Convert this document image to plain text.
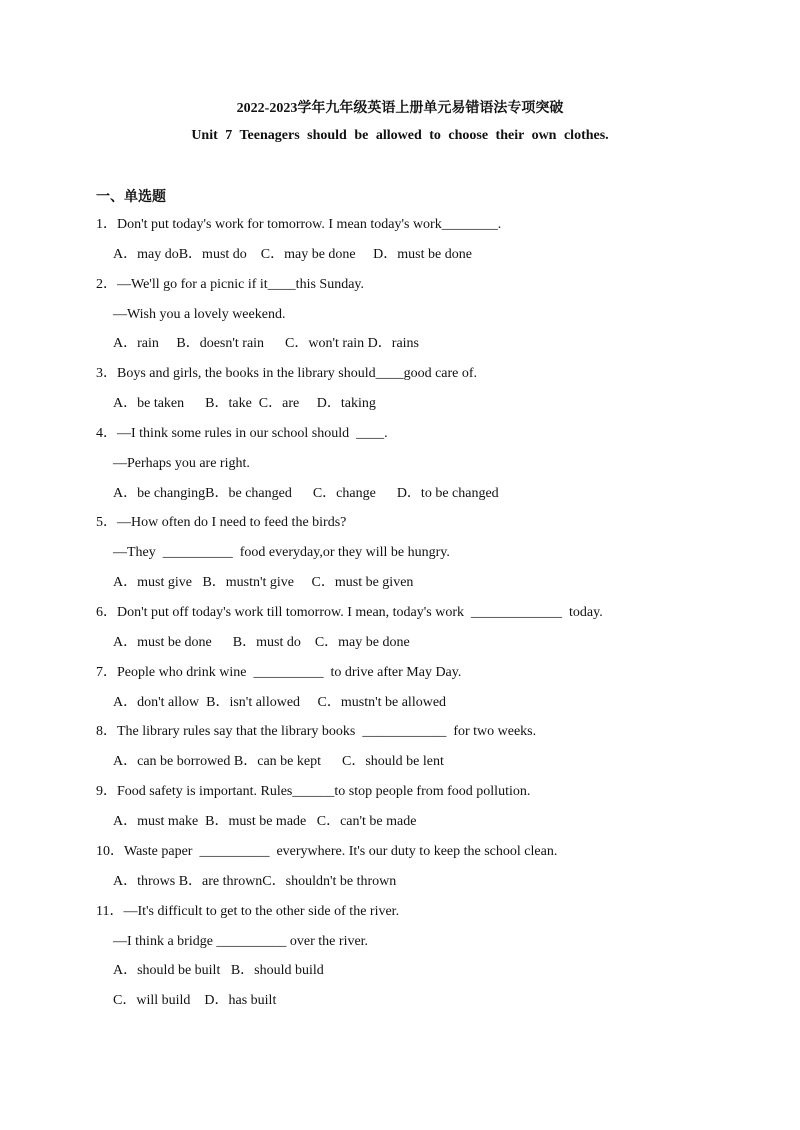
2022-2023学年九年级英语上册单元易错语法专项突破
Unit 7 Teenagers should be allowed to choose their own clothes.
一、单选题
1．Don't put today's work for tomorrow. I mean today's work________.
A．may doB．must do    C．may be done     D．must be done
2．—We'll go for a picnic if it____this Sunday.
—Wish you a lovely weekend.
A．rain     B．doesn't rain      C．won't rain D．rains
3．Boys and girls, the books in the library should____good care of.
A．be taken      B．take  C．are     D．taking
4．—I think some rules in our school should  ____.
—Perhaps you are right.
A．be changingB．be changed      C．change      D．to be changed
5．—How often do I need to feed the birds?
—They  __________  food everyday,or they will be hungry.
A．must give   B．mustn't give     C．must be given
6．Don't put off today's work till tomorrow. I mean, today's work  _____________  today.
A．must be done      B．must do    C．may be done
7．People who drink wine  __________  to drive after May Day.
A．don't allow  B．isn't allowed     C．mustn't be allowed
8．The library rules say that the library books  ____________  for two weeks.
A．can be borrowed B．can be kept      C．should be lent
9．Food safety is important. Rules______to stop people from food pollution.
A．must make  B．must be made   C．can't be made
10．Waste paper  __________  everywhere. It's our duty to keep the school clean.
A．throws B．are thrownC．shouldn't be thrown
11．—It's difficult to get to the other side of the river.
—I think a bridge __________ over the river.
A．should be built   B．should build
C．will build    D．has built
